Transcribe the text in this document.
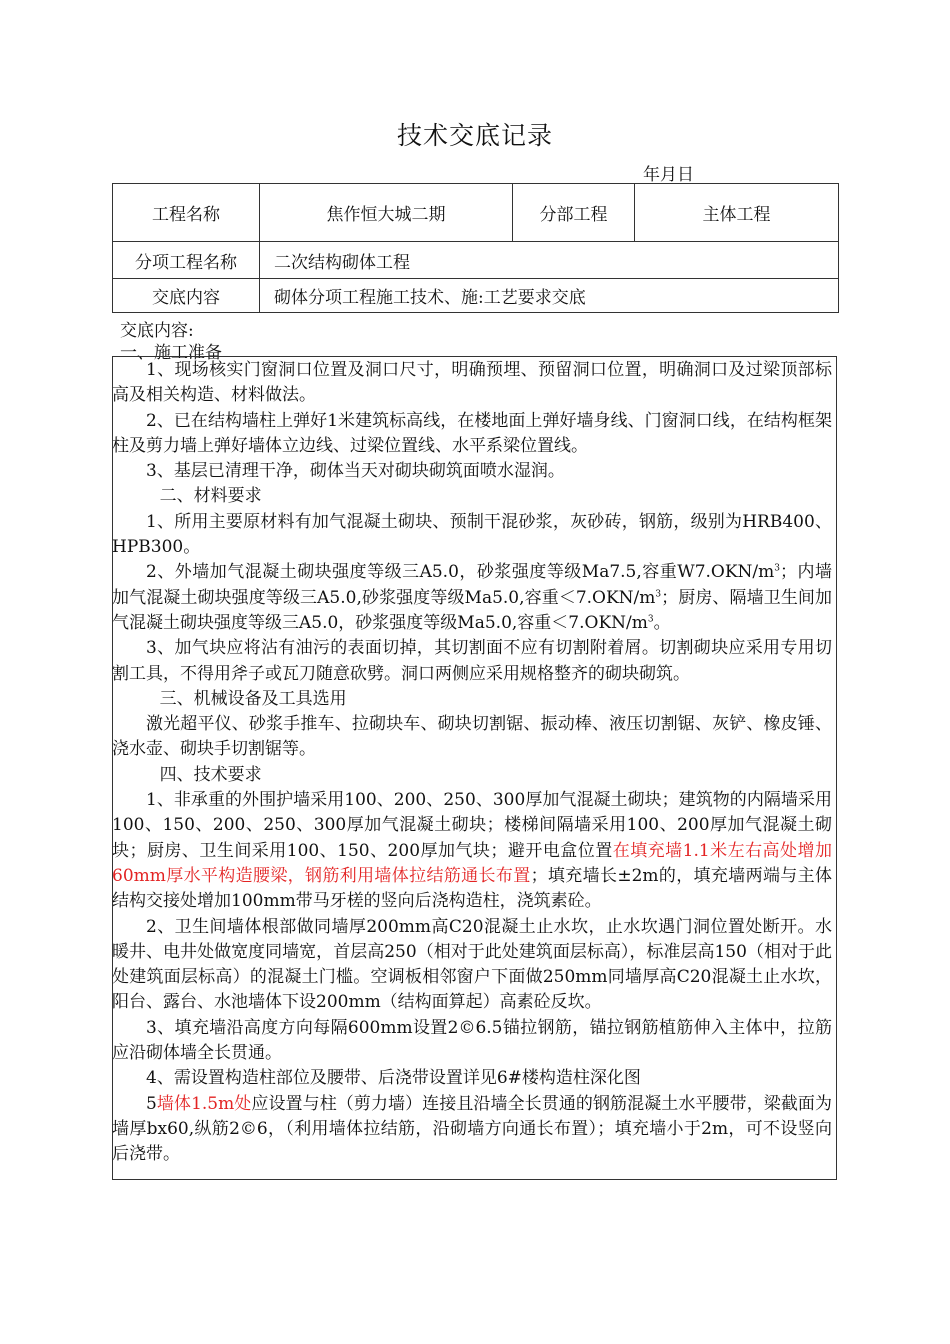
技术交底记录
年月日
工程名称	焦作恒大城二期	分部工程	主体工程
分项工程名称	二次结构砌体工程		
交底内容	砌体分项工程施工技术、施:工艺要求交底		
交底内容:
一、施工准备

1、现场核实门窗洞口位置及洞口尺寸，明确预埋、预留洞口位置，明确洞口及过梁顶部标高及相关构造、材料做法。

2、已在结构墙柱上弹好1米建筑标高线，在楼地面上弹好墙身线、门窗洞口线，在结构框架柱及剪力墙上弹好墙体立边线、过梁位置线、水平系梁位置线。

3、基层已清理干净，砌体当天对砌块砌筑面喷水湿润。

二、材料要求

1、所用主要原材料有加气混凝土砌块、预制干混砂浆，灰砂砖，钢筋，级别为HRB400、HPB300。

2、外墙加气混凝土砌块强度等级三A5.0，砂浆强度等级Ma7.5,容重$W7.OKN/m^3$；内墙加气混凝土砌块强度等级三A5.0,砂浆强度等级Ma5.0,容重$<7.OKN/m^3$；厨房、隔墙卫生间加气混凝土砌块强度等级三A5.0，砂浆强度等级Ma5.0,容重$<7.OKN/m^3$。

3、加气块应将沾有油污的表面切掉，其切割面不应有切割附着屑。切割砌块应采用专用切割工具，不得用斧子或瓦刀随意砍劈。洞口两侧应采用规格整齐的砌块砌筑。

三、机械设备及工具选用

激光超平仪、砂浆手推车、拉砌块车、砌块切割锯、振动棒、液压切割锯、灰铲、橡皮锤、浇水壶、砌块手切割锯等。

四、技术要求

1、非承重的外围护墙采用100、200、250、300厚加气混凝土砌块；建筑物的内隔墙采用100、150、200、250、300厚加气混凝土砌块；楼梯间隔墙采用100、200厚加气混凝土砌块；厨房、卫生间采用100、150、200厚加气块；避开电盒位置在填充墙1.1米左右高处增加60mm厚水平构造腰梁，钢筋利用墙体拉结筋通长布置；填充墙长±2m的，填充墙两端与主体结构交接处增加100mm带马牙槎的竖向后浇构造柱，浇筑素砼。

2、卫生间墙体根部做同墙厚200mm高C20混凝土止水坎，止水坎遇门洞位置处断开。水暖井、电井处做宽度同墙宽，首层高250（相对于此处建筑面层标高），标准层高150（相对于此处建筑面层标高）的混凝土门槛。空调板相邻窗户下面做250mm同墙厚高C20混凝土止水坎，阳台、露台、水池墙体下设200mm（结构面算起）高素砼反坎。

3、填充墙沿高度方向每隔600mm设置2©6.5锚拉钢筋，锚拉钢筋植筋伸入主体中，拉筋应沿砌体墙全长贯通。

4、需设置构造柱部位及腰带、后浇带设置详见6#楼构造柱深化图

5墙体1.5m处应设置与柱（剪力墙）连接且沿墙全长贯通的钢筋混凝土水平腰带，梁截面为墙厚bx60,纵筋2©6，（利用墙体拉结筋，沿砌墙方向通长布置）；填充墙小于2m，可不设竖向后浇带。
